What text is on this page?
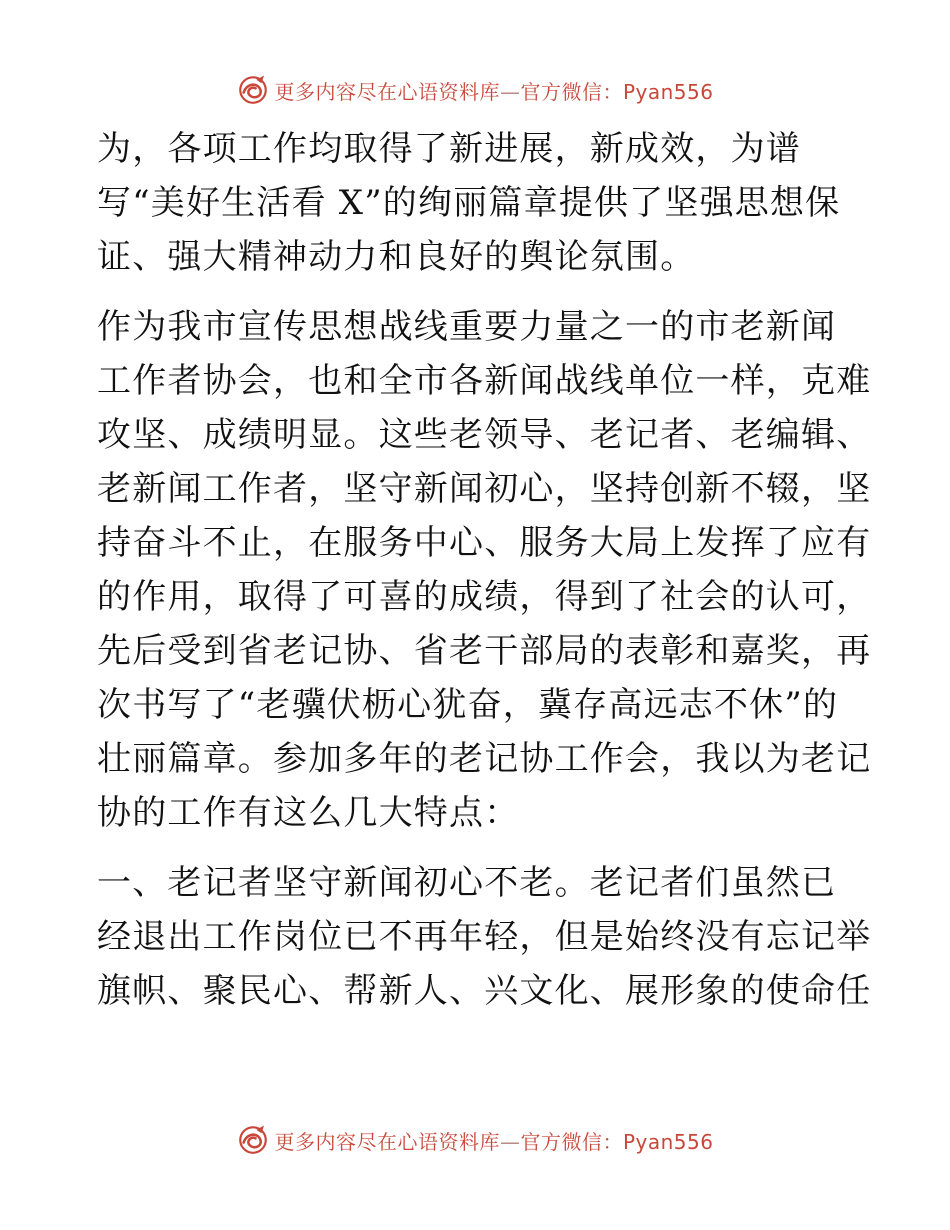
更多内容尽在心语资料库—官方微信：Pyan556

为，各项工作均取得了新进展，新成效，为谱
写“美好生活看 X”的绚丽篇章提供了坚强思想保
证、强大精神动力和良好的舆论氛围。

作为我市宣传思想战线重要力量之一的市老新闻
工作者协会，也和全市各新闻战线单位一样，克难
攻坚、成绩明显。这些老领导、老记者、老编辑、
老新闻工作者，坚守新闻初心，坚持创新不辍，坚
持奋斗不止，在服务中心、服务大局上发挥了应有
的作用，取得了可喜的成绩，得到了社会的认可，
先后受到省老记协、省老干部局的表彰和嘉奖，再
次书写了“老骥伏枥心犹奋，冀存高远志不休”的
壮丽篇章。参加多年的老记协工作会，我以为老记
协的工作有这么几大特点：

一、老记者坚守新闻初心不老。老记者们虽然已
经退出工作岗位已不再年轻，但是始终没有忘记举
旗帜、聚民心、帮新人、兴文化、展形象的使命任

更多内容尽在心语资料库—官方微信：Pyan556
